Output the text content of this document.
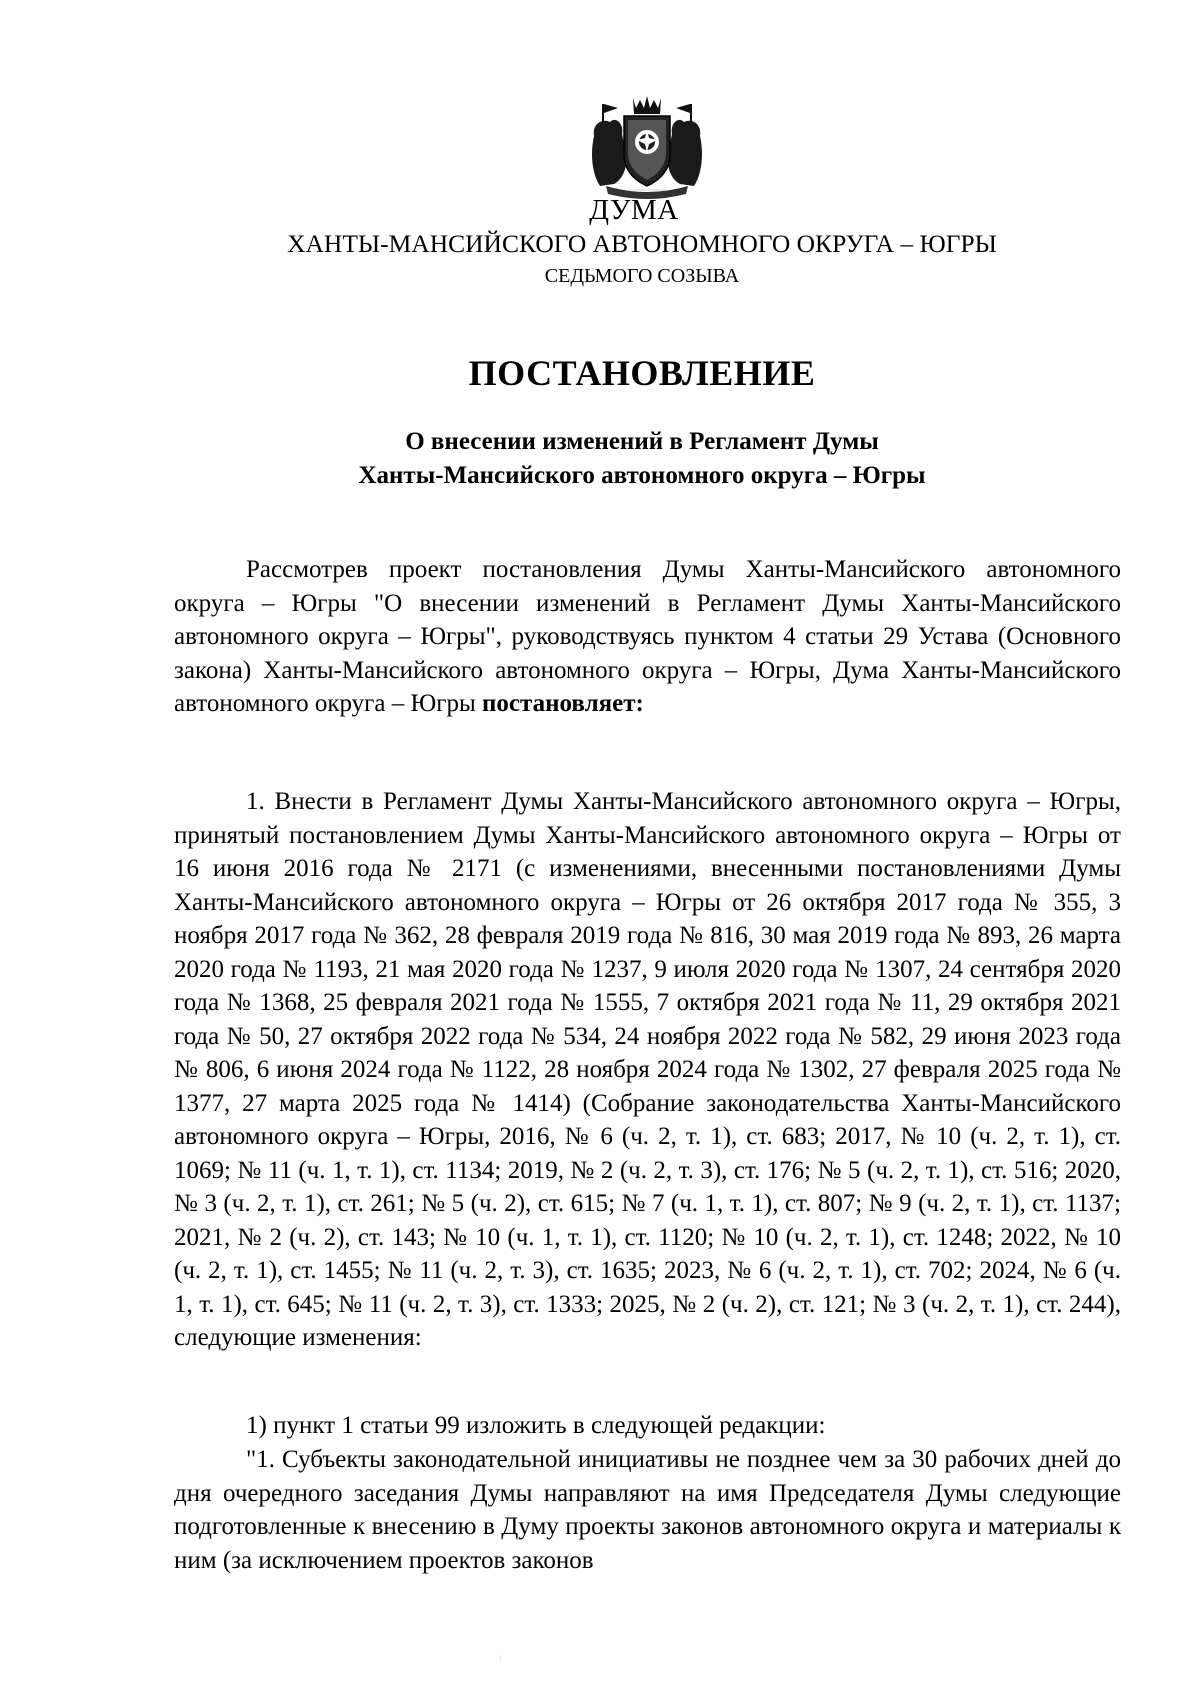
ДУМА
ХАНТЫ-МАНСИЙСКОГО АВТОНОМНОГО ОКРУГА – ЮГРЫ
СЕДЬМОГО СОЗЫВА
ПОСТАНОВЛЕНИЕ
О внесении изменений в Регламент Думы
Ханты-Мансийского автономного округа – Югры

Рассмотрев проект постановления Думы Ханты-Мансийского автономного округа – Югры "О внесении изменений в Регламент Думы Ханты-Мансийского автономного округа – Югры", руководствуясь пунктом 4 статьи 29 Устава (Основного закона) Ханты-Мансийского автономного округа – Югры, Дума Ханты-Мансийского автономного округа – Югры постановляет:

1. Внести в Регламент Думы Ханты-Мансийского автономного округа – Югры, принятый постановлением Думы Ханты-Мансийского автономного округа – Югры от 16 июня 2016 года № 2171 (с изменениями, внесенными постановлениями Думы Ханты-Мансийского автономного округа – Югры от 26 октября 2017 года № 355, 3 ноября 2017 года № 362, 28 февраля 2019 года № 816, 30 мая 2019 года № 893, 26 марта 2020 года № 1193, 21 мая 2020 года № 1237, 9 июля 2020 года № 1307, 24 сентября 2020 года № 1368, 25 февраля 2021 года № 1555, 7 октября 2021 года № 11, 29 октября 2021 года № 50, 27 октября 2022 года № 534, 24 ноября 2022 года № 582, 29 июня 2023 года № 806, 6 июня 2024 года № 1122, 28 ноября 2024 года № 1302, 27 февраля 2025 года № 1377, 27 марта 2025 года № 1414) (Собрание законодательства Ханты-Мансийского автономного округа – Югры, 2016, № 6 (ч. 2, т. 1), ст. 683; 2017, № 10 (ч. 2, т. 1), ст. 1069; № 11 (ч. 1, т. 1), ст. 1134; 2019, № 2 (ч. 2, т. 3), ст. 176; № 5 (ч. 2, т. 1), ст. 516; 2020, № 3 (ч. 2, т. 1), ст. 261; № 5 (ч. 2), ст. 615; № 7 (ч. 1, т. 1), ст. 807; № 9 (ч. 2, т. 1), ст. 1137; 2021, № 2 (ч. 2), ст. 143; № 10 (ч. 1, т. 1), ст. 1120; № 10 (ч. 2, т. 1), ст. 1248; 2022, № 10 (ч. 2, т. 1), ст. 1455; № 11 (ч. 2, т. 3), ст. 1635; 2023, № 6 (ч. 2, т. 1), ст. 702; 2024, № 6 (ч. 1, т. 1), ст. 645; № 11 (ч. 2, т. 3), ст. 1333; 2025, № 2 (ч. 2), ст. 121; № 3 (ч. 2, т. 1), ст. 244), следующие изменения:

1) пункт 1 статьи 99 изложить в следующей редакции:

"1. Субъекты законодательной инициативы не позднее чем за 30 рабочих дней до дня очередного заседания Думы направляют на имя Председателя Думы следующие подготовленные к внесению в Думу проекты законов автономного округа и материалы к ним (за исключением проектов законов
